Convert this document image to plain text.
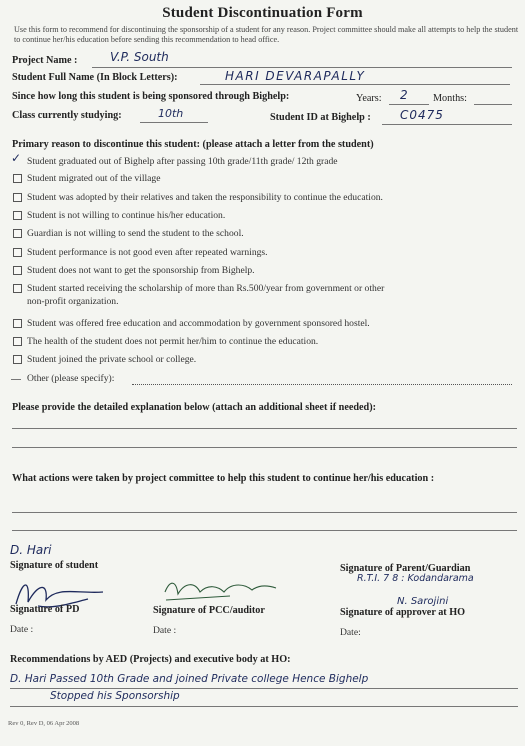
Student Discontinuation Form
Use this form to recommend for discontinuing the sponsorship of a student for any reason. Project committee should make all attempts to help the student to continue her/his education before sending this recommendation to head office.
Project Name :	V.P. South
Student Full Name (In Block Letters):	HARI DEVARAPALLY
Since how long this student is being sponsored through Bighelp:	Years: 2 Months:
Class currently studying:	10th	Student ID at Bighelp : C0475
Primary reason to discontinue this student: (please attach a letter from the student)
✓ Student graduated out of Bighelp after passing 10th grade/11th grade/ 12th grade
Student migrated out of the village
Student was adopted by their relatives and taken the responsibility to continue the education.
Student is not willing to continue his/her education.
Guardian is not willing to send the student to the school.
Student performance is not good even after repeated warnings.
Student does not want to get the sponsorship from Bighelp.
Student started receiving the scholarship of more than Rs.500/year from government or other
non-profit organization.
Student was offered free education and accommodation by government sponsored hostel.
The health of the student does not permit her/him to continue the education.
Student joined the private school or college.
Other (please specify):
Please provide the detailed explanation below (attach an additional sheet if needed):
What actions were taken by project committee to help this student to continue her/his education :
D. Hari
Signature of student	Signature of Parent/Guardian
R.T.I. 7 8 : Kodandarama
Signature of PD	Signature of PCC/auditor
N. Sarojini
Signature of approver at HO
Date :	Date :	Date:
Recommendations by AED (Projects) and executive body at HO:
D. Hari Passed 10th Grade and joined Private college Hence Bighelp
Stopped his Sponsorship
Rev 0, Rev D, 06 Apr 2008
